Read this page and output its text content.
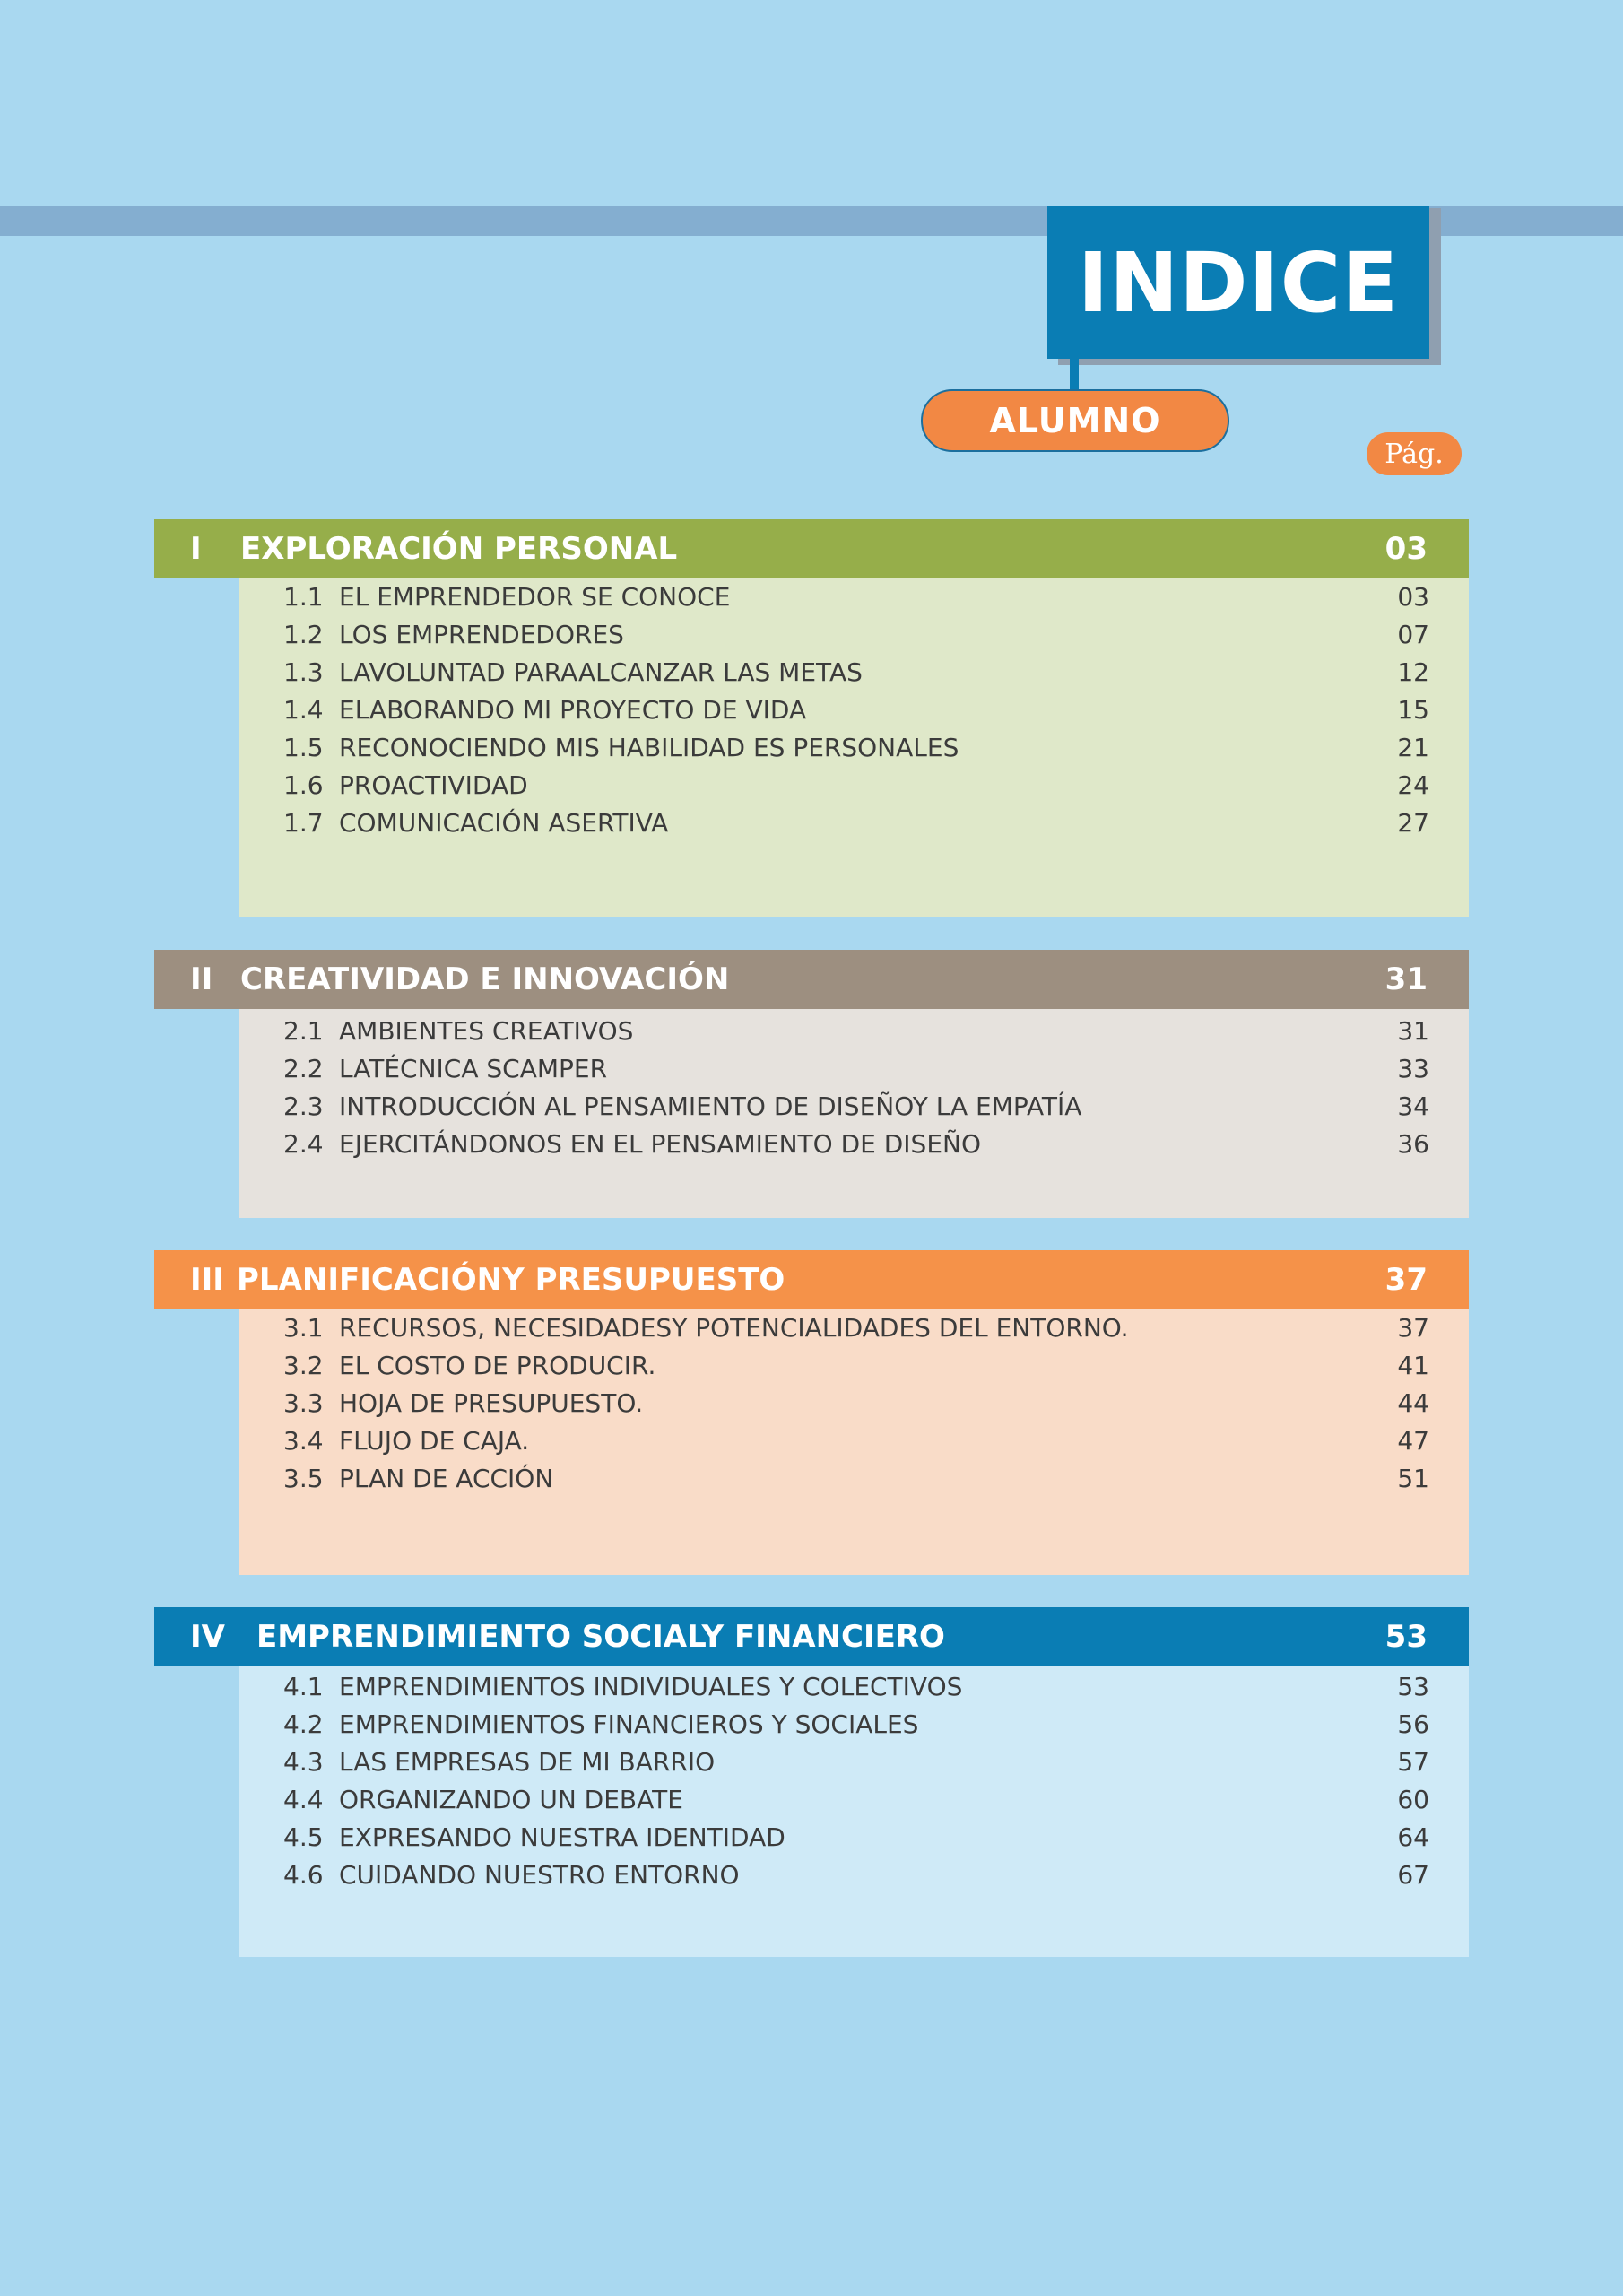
INDICE
ALUMNO
Pág.
I EXPLORACIÓN PERSONAL	03
1.1 EL EMPRENDEDOR SE CONOCE	03
1.2 LOS EMPRENDEDORES	07
1.3 LAVOLUNTAD PARAALCANZAR LAS METAS	12
1.4 ELABORANDO MI PROYECTO DE VIDA	15
1.5 RECONOCIENDO MIS HABILIDAD ES PERSONALES	21
1.6 PROACTIVIDAD	24
1.7 COMUNICACIÓN ASERTIVA	27
II CREATIVIDAD E INNOVACIÓN	31
2.1 AMBIENTES CREATIVOS	31
2.2 LATÉCNICA SCAMPER	33
2.3 INTRODUCCIÓN AL PENSAMIENTO DE DISEÑOY LA EMPATÍA	34
2.4 EJERCITÁNDONOS EN EL PENSAMIENTO DE DISEÑO	36
III PLANIFICACIÓNY PRESUPUESTO	37
3.1 RECURSOS, NECESIDADESY POTENCIALIDADES DEL ENTORNO.	37
3.2 EL COSTO DE PRODUCIR.	41
3.3 HOJA DE PRESUPUESTO.	44
3.4 FLUJO DE CAJA.	47
3.5 PLAN DE ACCIÓN	51
IV EMPRENDIMIENTO SOCIALY FINANCIERO	53
4.1 EMPRENDIMIENTOS INDIVIDUALES Y COLECTIVOS	53
4.2 EMPRENDIMIENTOS FINANCIEROS Y SOCIALES	56
4.3 LAS EMPRESAS DE MI BARRIO	57
4.4 ORGANIZANDO UN DEBATE	60
4.5 EXPRESANDO NUESTRA IDENTIDAD	64
4.6 CUIDANDO NUESTRO ENTORNO	67
